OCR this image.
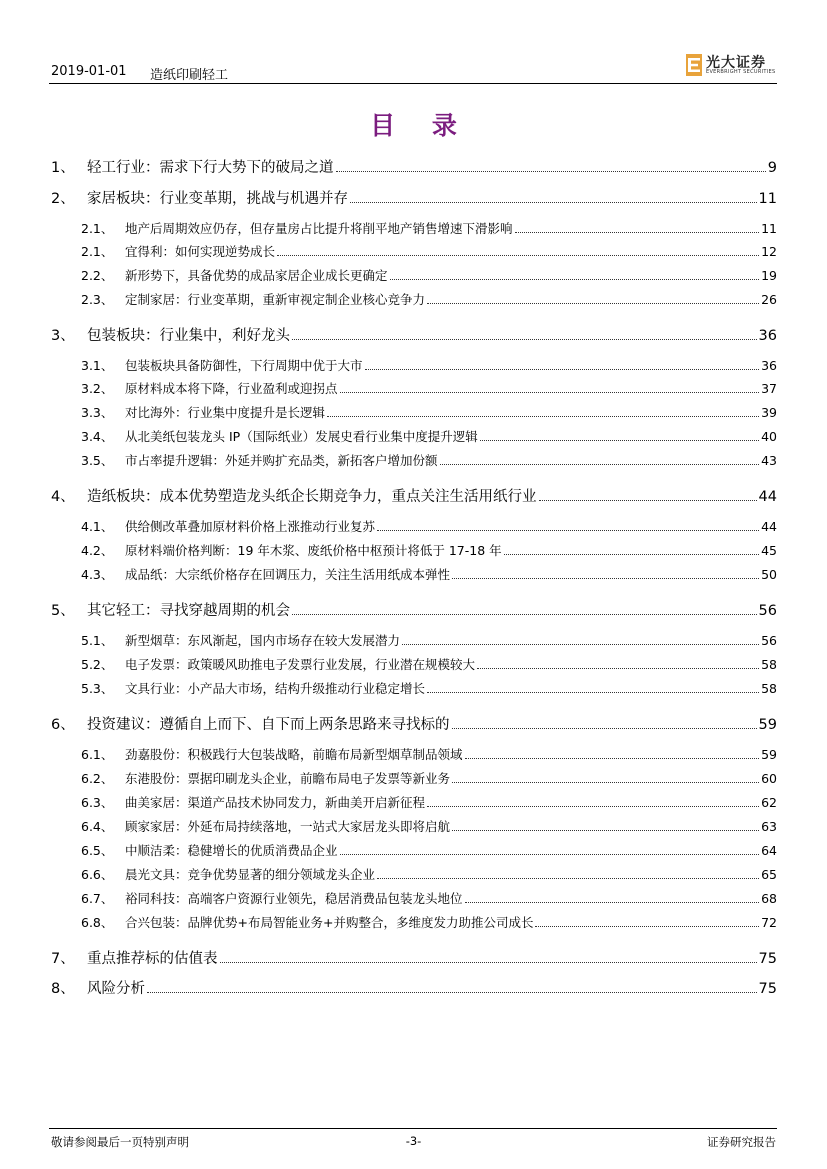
2019-01-01 造纸印刷轻工
光大证券
EVERBRIGHT SECURITIES
目 录
1、 轻工行业：需求下行大势下的破局之道	9
2、 家居板块：行业变革期，挑战与机遇并存	11
2.1、 地产后周期效应仍存，但存量房占比提升将削平地产销售增速下滑影响	11
2.1、 宜得利：如何实现逆势成长	12
2.2、 新形势下，具备优势的成品家居企业成长更确定	19
2.3、 定制家居：行业变革期，重新审视定制企业核心竞争力	26
3、 包装板块：行业集中，利好龙头	36
3.1、 包装板块具备防御性，下行周期中优于大市	36
3.2、 原材料成本将下降，行业盈利或迎拐点	37
3.3、 对比海外：行业集中度提升是长逻辑	39
3.4、 从北美纸包装龙头 IP（国际纸业）发展史看行业集中度提升逻辑	40
3.5、 市占率提升逻辑：外延并购扩充品类，新拓客户增加份额	43
4、 造纸板块：成本优势塑造龙头纸企长期竞争力，重点关注生活用纸行业	44
4.1、 供给侧改革叠加原材料价格上涨推动行业复苏	44
4.2、 原材料端价格判断：19 年木浆、废纸价格中枢预计将低于 17-18 年	45
4.3、 成品纸：大宗纸价格存在回调压力，关注生活用纸成本弹性	50
5、 其它轻工：寻找穿越周期的机会	56
5.1、 新型烟草：东风渐起，国内市场存在较大发展潜力	56
5.2、 电子发票：政策暖风助推电子发票行业发展，行业潜在规模较大	58
5.3、 文具行业：小产品大市场，结构升级推动行业稳定增长	58
6、 投资建议：遵循自上而下、自下而上两条思路来寻找标的	59
6.1、 劲嘉股份：积极践行大包装战略，前瞻布局新型烟草制品领域	59
6.2、 东港股份：票据印刷龙头企业，前瞻布局电子发票等新业务	60
6.3、 曲美家居：渠道产品技术协同发力，新曲美开启新征程	62
6.4、 顾家家居：外延布局持续落地，一站式大家居龙头即将启航	63
6.5、 中顺洁柔：稳健增长的优质消费品企业	64
6.6、 晨光文具：竞争优势显著的细分领域龙头企业	65
6.7、 裕同科技：高端客户资源行业领先，稳居消费品包装龙头地位	68
6.8、 合兴包装：品牌优势+布局智能业务+并购整合，多维度发力助推公司成长	72
7、 重点推荐标的估值表	75
8、 风险分析	75
敬请参阅最后一页特别声明	-3-	证券研究报告
